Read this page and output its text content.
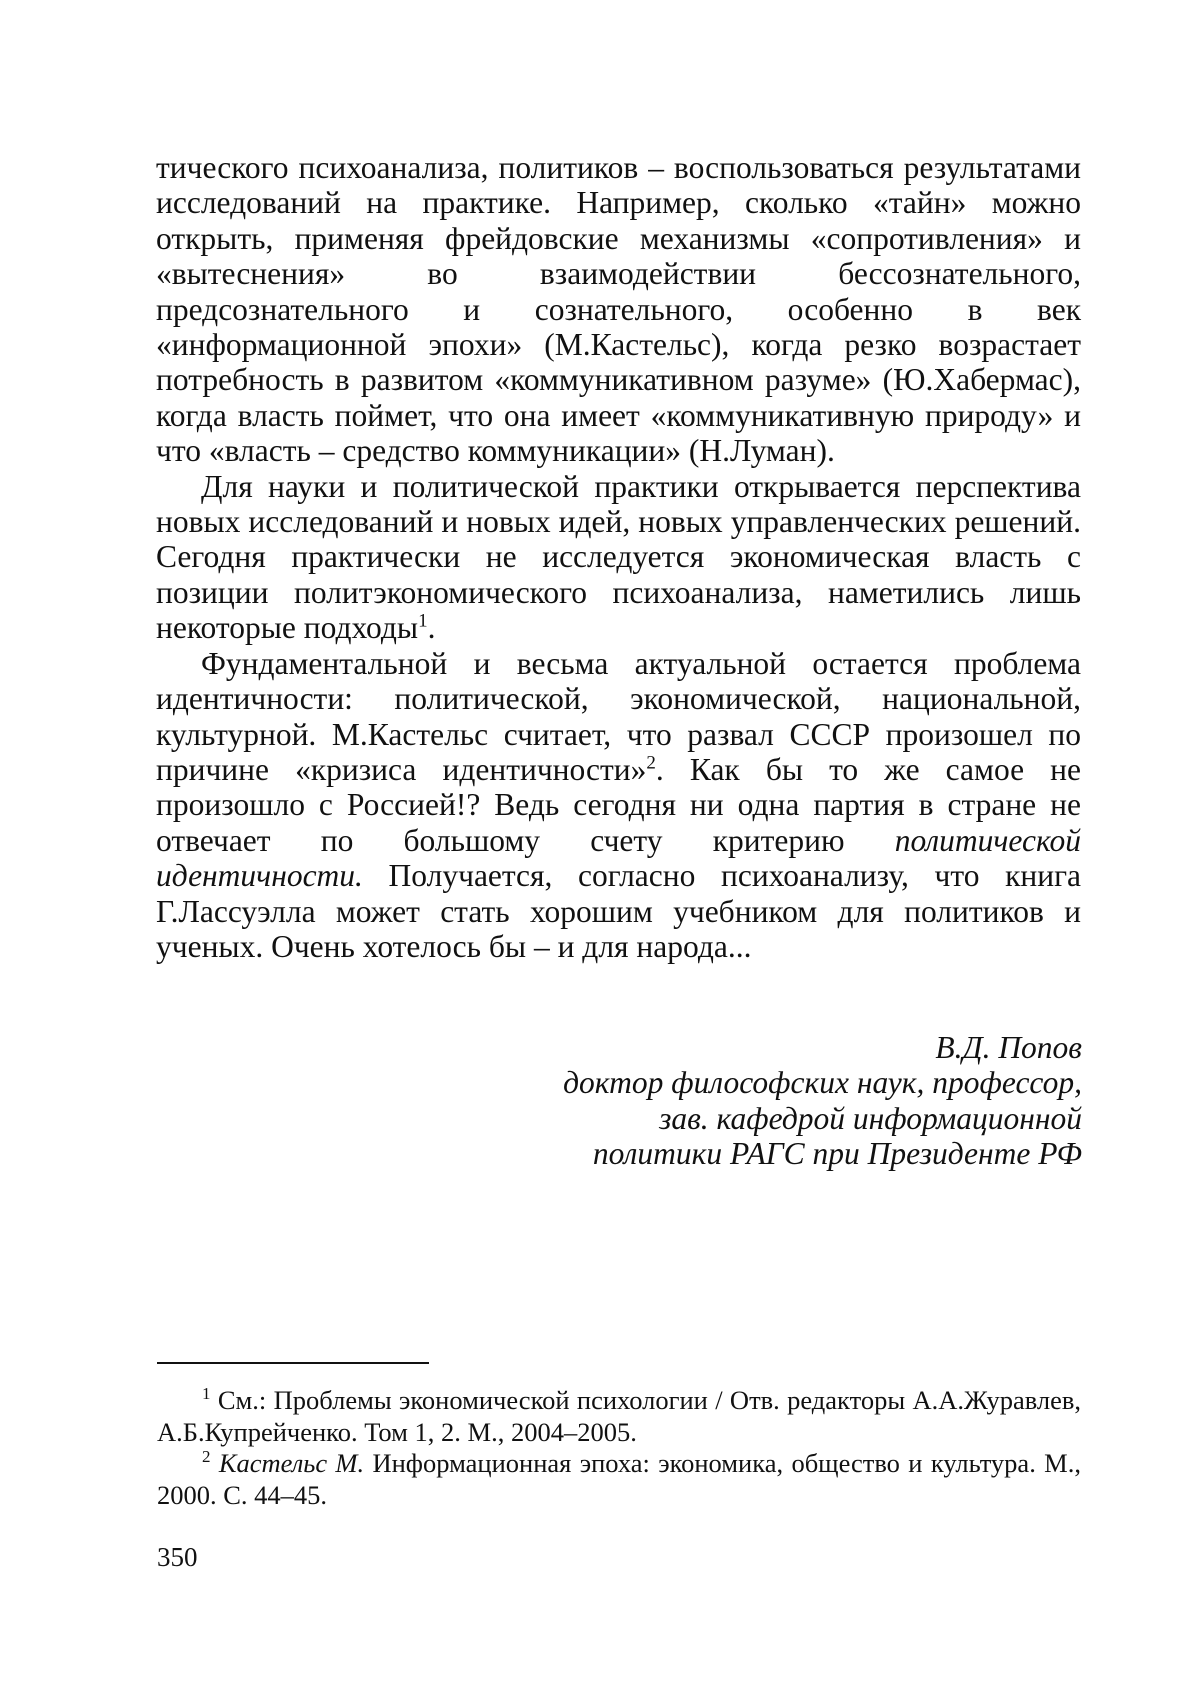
тического психоанализа, политиков – воспользоваться результатами исследований на практике. Например, сколько «тайн» можно открыть, применяя фрейдовские механизмы «сопротивления» и «вытеснения» во взаимодействии бессознательного, предсознательного и сознательного, особенно в век «информационной эпохи» (М.Кастельс), когда резко возрастает потребность в развитом «коммуникативном разуме» (Ю.Хабермас), когда власть поймет, что она имеет «коммуникативную природу» и что «власть – средство коммуникации» (Н.Луман).

Для науки и политической практики открывается перспектива новых исследований и новых идей, новых управленческих решений. Сегодня практически не исследуется экономическая власть с позиции политэкономического психоанализа, наметились лишь некоторые подходы$^1$.

Фундаментальной и весьма актуальной остается проблема идентичности: политической, экономической, национальной, культурной. М.Кастельс считает, что развал СССР произошел по причине «кризиса идентичности»$^2$. Как бы то же самое не произошло с Россией!? Ведь сегодня ни одна партия в стране не отвечает по большому счету критерию политической идентичности. Получается, согласно психоанализу, что книга Г.Лассуэлла может стать хорошим учебником для политиков и ученых. Очень хотелось бы – и для народа...

В.Д. Попов
доктор философских наук, профессор,
зав. кафедрой информационной
политики РАГС при Президенте РФ

$^1$ См.: Проблемы экономической психологии / Отв. редакторы А.А.Журавлев, А.Б.Купрейченко. Том 1, 2. М., 2004–2005.

$^2$ Кастельс М. Информационная эпоха: экономика, общество и культура. М., 2000. С. 44–45.

350
